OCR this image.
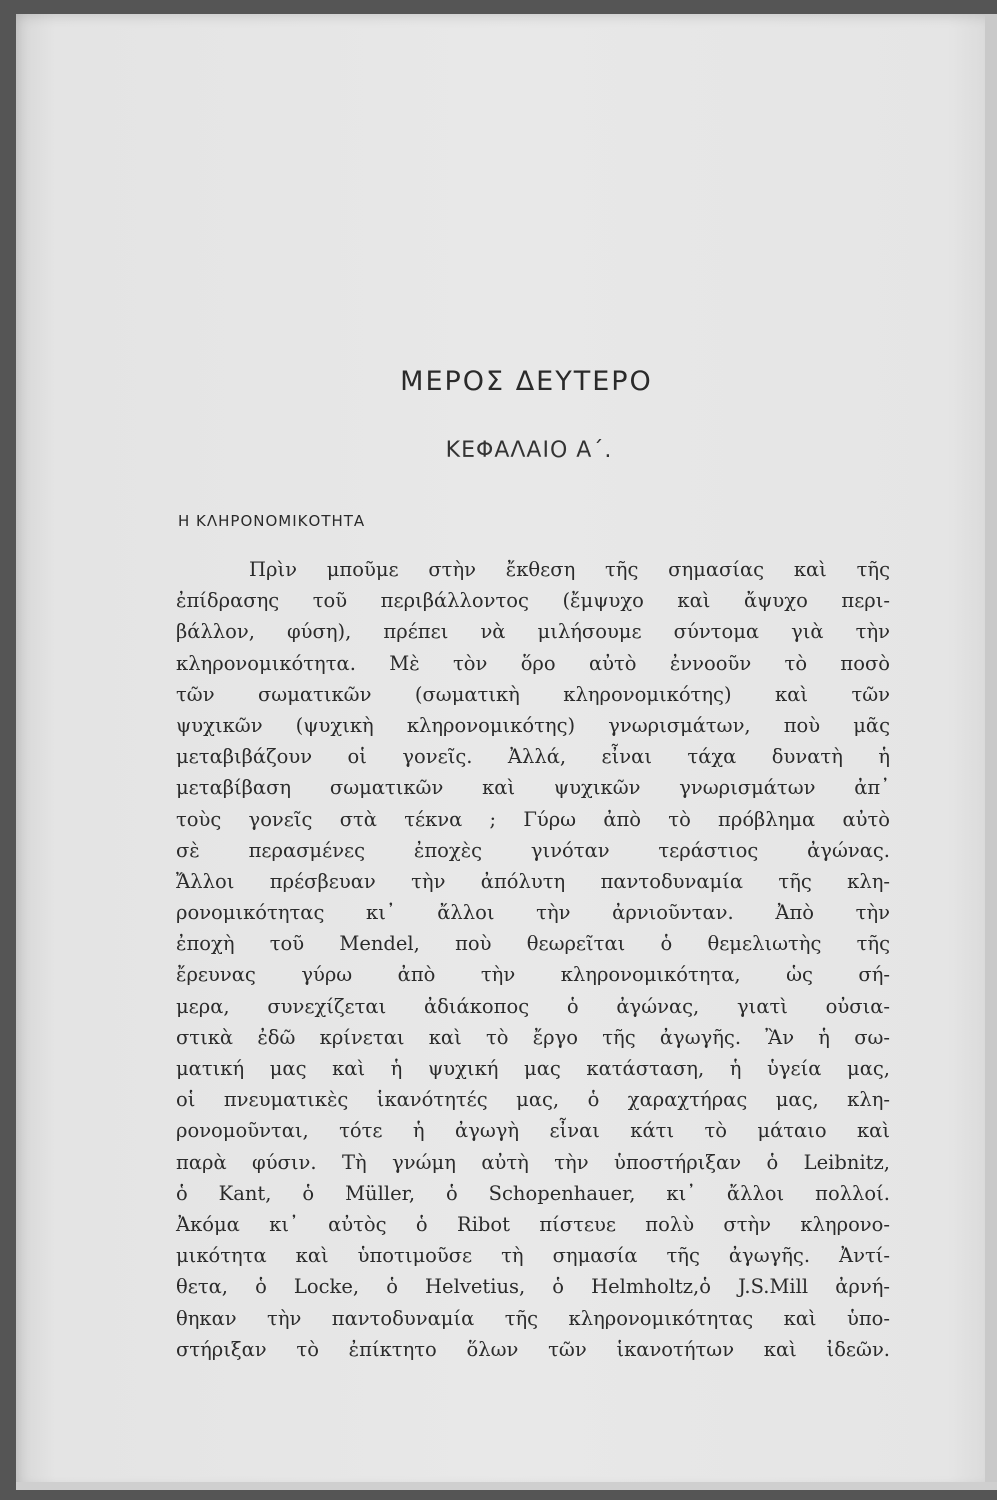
ΜΕΡΟΣ ΔΕΥΤΕΡΟ
ΚΕΦΑΛΑΙΟ Α΄.
Η ΚΛΗΡΟΝΟΜΙΚΟΤΗΤΑ
Πρὶν μποῦμε στὴν ἔκθεση τῆς σημασίας καὶ τῆς
ἐπίδρασης τοῦ περιβάλλοντος (ἔμψυχο καὶ ἄψυχο περι-
βάλλον, φύση), πρέπει νὰ μιλήσουμε σύντομα γιὰ τὴν
κληρονομικότητα. Μὲ τὸν ὅρο αὐτὸ ἐννοοῦν τὸ ποσὸ
τῶν σωματικῶν (σωματικὴ κληρονομικότης) καὶ τῶν
ψυχικῶν (ψυχικὴ κληρονομικότης) γνωρισμάτων, ποὺ μᾶς
μεταβιβάζουν οἱ γονεῖς. Ἀλλά, εἶναι τάχα δυνατὴ ἡ
μεταβίβαση σωματικῶν καὶ ψυχικῶν γνωρισμάτων ἀπ᾽
τοὺς γονεῖς στὰ τέκνα ; Γύρω ἀπὸ τὸ πρόβλημα αὐτὸ
σὲ περασμένες ἐποχὲς γινόταν τεράστιος ἀγώνας.
Ἄλλοι πρέσβευαν τὴν ἀπόλυτη παντοδυναμία τῆς κλη-
ρονομικότητας κι᾽ ἄλλοι τὴν ἀρνιοῦνταν. Ἀπὸ τὴν
ἐποχὴ τοῦ Mendel, ποὺ θεωρεῖται ὁ θεμελιωτὴς τῆς
ἔρευνας γύρω ἀπὸ τὴν κληρονομικότητα, ὡς σή-
μερα, συνεχίζεται ἀδιάκοπος ὁ ἀγώνας, γιατὶ οὐσια-
στικὰ ἐδῶ κρίνεται καὶ τὸ ἔργο τῆς ἀγωγῆς. Ἂν ἡ σω-
ματική μας καὶ ἡ ψυχική μας κατάσταση, ἡ ὑγεία μας,
οἱ πνευματικὲς ἱκανότητές μας, ὁ χαραχτήρας μας, κλη-
ρονομοῦνται, τότε ἡ ἀγωγὴ εἶναι κάτι τὸ μάταιο καὶ
παρὰ φύσιν. Τὴ γνώμη αὐτὴ τὴν ὑποστήριξαν ὁ Leibnitz,
ὁ Kant, ὁ Müller, ὁ Schopenhauer, κι᾽ ἄλλοι πολλοί.
Ἀκόμα κι᾽ αὐτὸς ὁ Ribot πίστευε πολὺ στὴν κληρονο-
μικότητα καὶ ὑποτιμοῦσε τὴ σημασία τῆς ἀγωγῆς. Ἀντί-
θετα, ὁ Locke, ὁ Helvetius, ὁ Helmholtz,ὁ J.S.Mill ἀρνή-
θηκαν τὴν παντοδυναμία τῆς κληρονομικότητας καὶ ὑπο-
στήριξαν τὸ ἐπίκτητο ὅλων τῶν ἱκανοτήτων καὶ ἰδεῶν.
